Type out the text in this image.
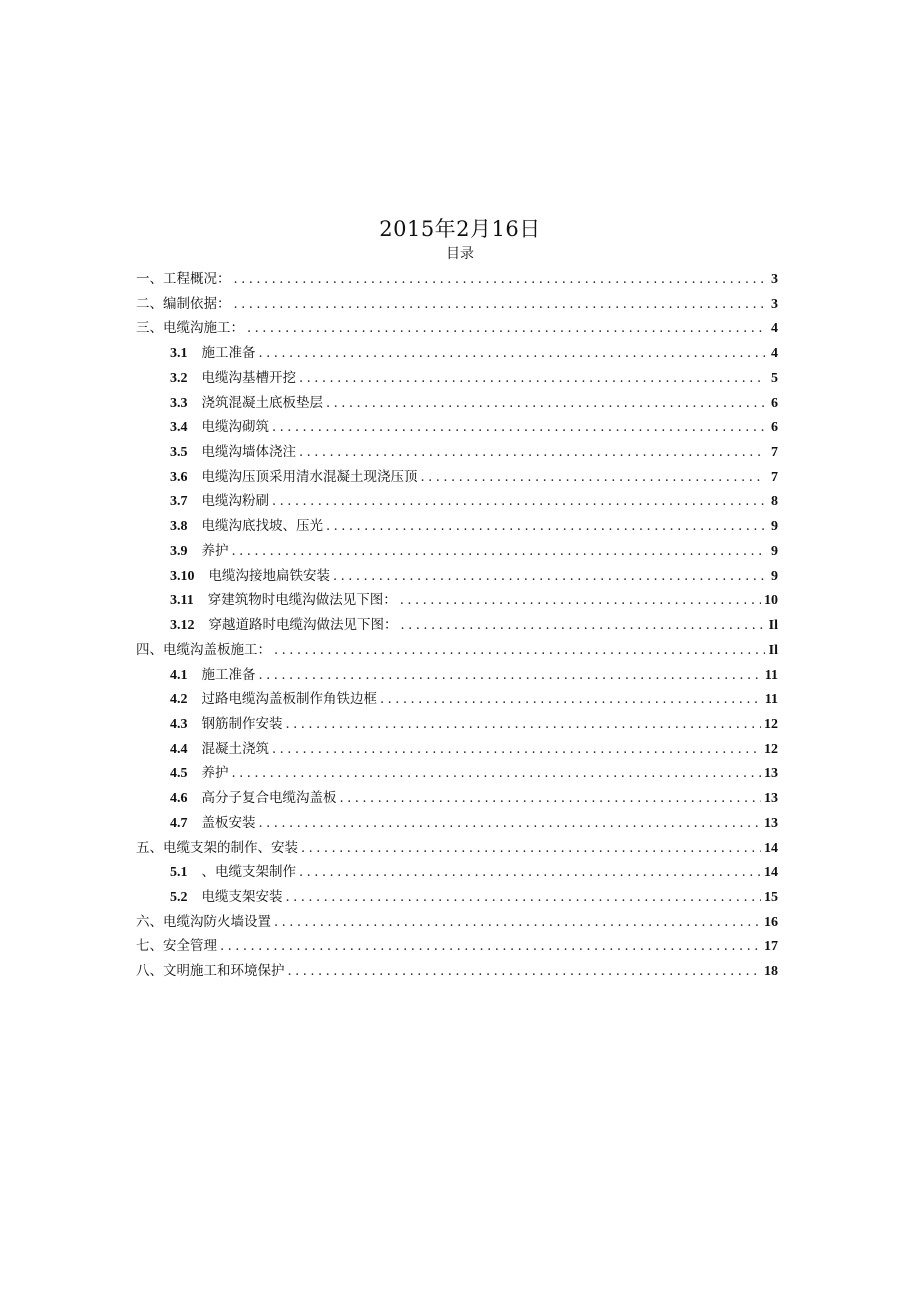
2015年2月16日
目录
一、工程概况： .....	3
二、编制依据： .....	3
三、电缆沟施工： .....	4
3.1 施工准备 .....	4
3.2 电缆沟基槽开挖 .....	5
3.3 浇筑混凝土底板垫层 .....	6
3.4 电缆沟砌筑 .....	6
3.5 电缆沟墙体浇注 .....	7
3.6 电缆沟压顶采用清水混凝土现浇压顶 .....	7
3.7 电缆沟粉刷 .....	8
3.8 电缆沟底找坡、压光 .....	9
3.9 养护 .....	9
3.10 电缆沟接地扁铁安装 .....	9
3.11 穿建筑物时电缆沟做法见下图： .....	10
3.12 穿越道路时电缆沟做法见下图： .....	Il
四、电缆沟盖板施工： .....	Il
4.1 施工准备 .....	11
4.2 过路电缆沟盖板制作角铁边框 .....	11
4.3 钢筋制作安装 .....	12
4.4 混凝土浇筑 .....	12
4.5 养护 .....	13
4.6 高分子复合电缆沟盖板 .....	13
4.7 盖板安装 .....	13
五、电缆支架的制作、安装 .....	14
5.1 、电缆支架制作 .....	14
5.2 电缆支架安装 .....	15
六、电缆沟防火墙设置 .....	16
七、安全管理 .....	17
八、文明施工和环境保护 .....	18
